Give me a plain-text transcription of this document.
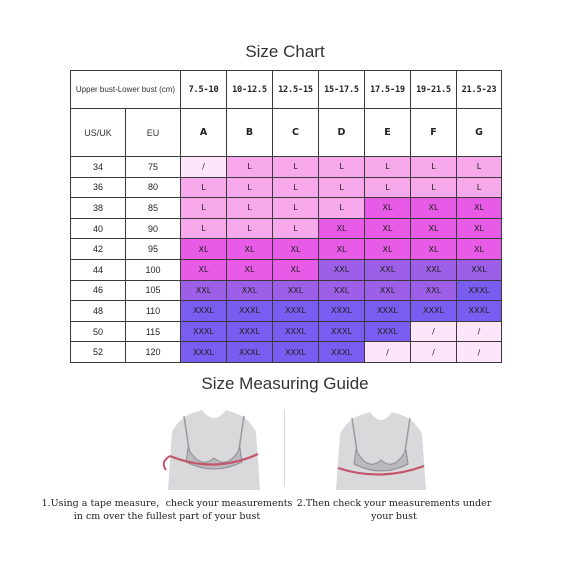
Size Chart
Upper bust-Lower bust (cm)		7.5-10	10-12.5	12.5-15	15-17.5	17.5-19	19-21.5	21.5-23
US/UK	EU	A	B	C	D	E	F	G
34	75	/	L	L	L	L	L	L
36	80	L	L	L	L	L	L	L
38	85	L	L	L	L	XL	XL	XL
40	90	L	L	L	XL	XL	XL	XL
42	95	XL	XL	XL	XL	XL	XL	XL
44	100	XL	XL	XL	XXL	XXL	XXL	XXL
46	105	XXL	XXL	XXL	XXL	XXL	XXL	XXXL
48	110	XXXL	XXXL	XXXL	XXXL	XXXL	XXXL	XXXL
50	115	XXXL	XXXL	XXXL	XXXL	XXXL	/	/
52	120	XXXL	XXXL	XXXL	XXXL	/	/	/
Size Measuring Guide
1.Using a tape measure，check your measurements
in cm over the fullest part of your bust
2.Then check your measurements under
your bust
